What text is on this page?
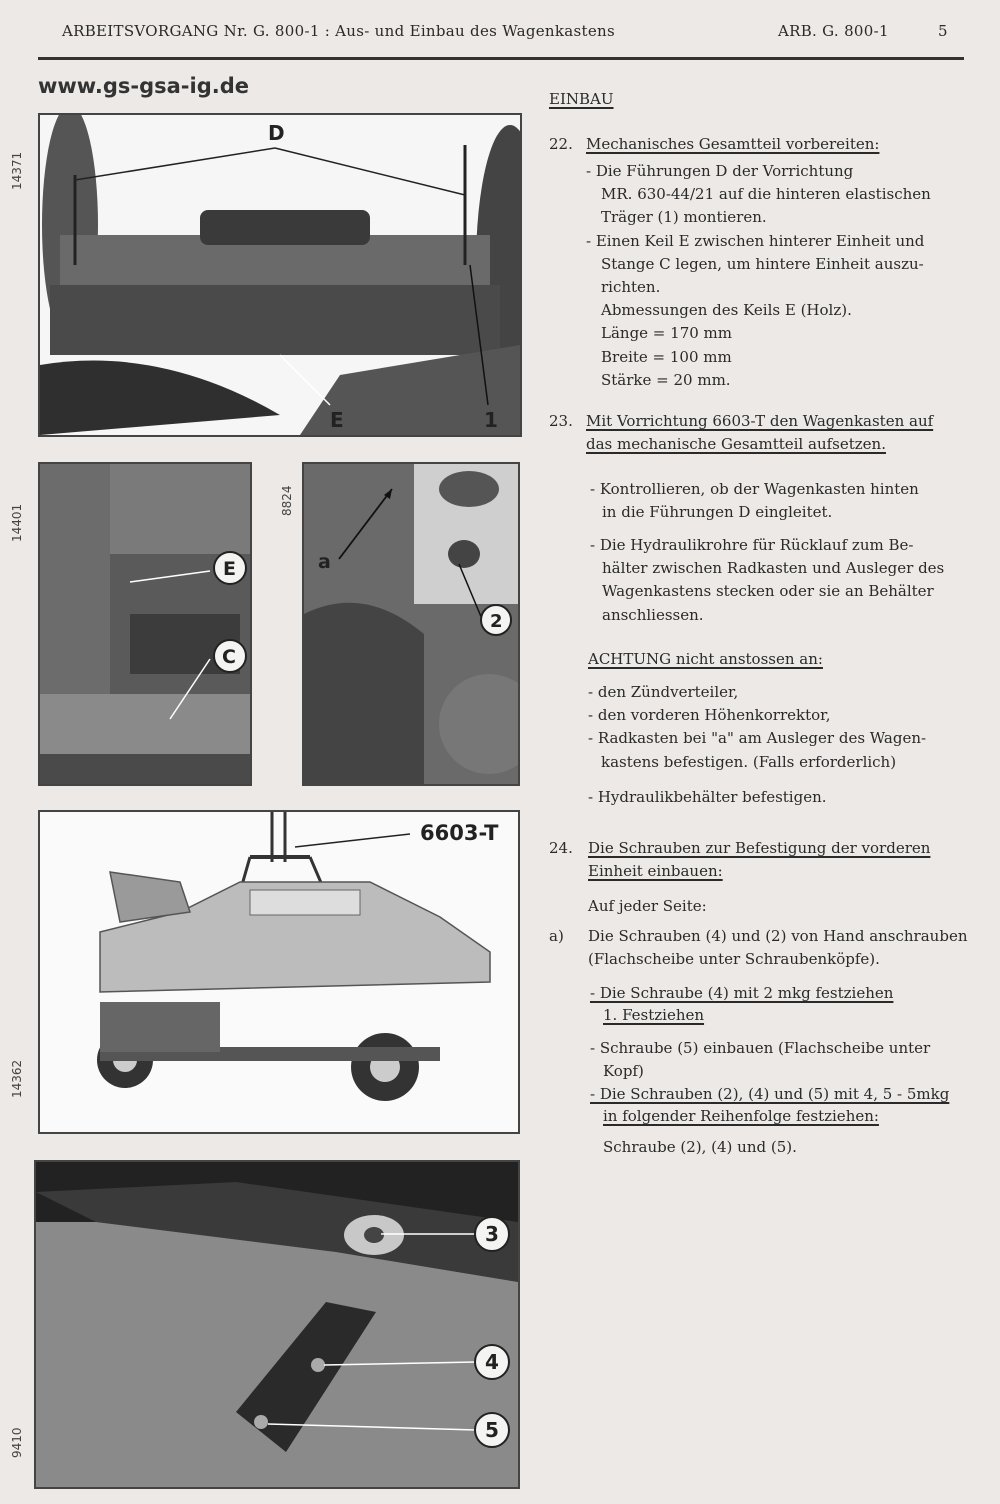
ARBEITSVORGANG Nr. G. 800-1 : Aus- und Einbau des Wagenkastens	ARB. G. 800-1	5
www.gs-gsa-ig.de
14371
14401
8824
14362
9410
D
E	1
E
C
a
2
6603-T
3
4
5
EINBAU
22. Mechanisches Gesamtteil vorbereiten:
- Die Führungen D der Vorrichtung
MR. 630-44/21 auf die hinteren elastischen
Träger (1) montieren.
- Einen Keil E zwischen hinterer Einheit und
Stange C legen, um hintere Einheit auszu-
richten.
Abmessungen des Keils E (Holz).
Länge = 170 mm
Breite = 100 mm
Stärke = 20 mm.
23. Mit Vorrichtung 6603-T den Wagenkasten auf
das mechanische Gesamtteil aufsetzen.
- Kontrollieren, ob der Wagenkasten hinten
in die Führungen D eingleitet.
- Die Hydraulikrohre für Rücklauf zum Be-
hälter zwischen Radkasten und Ausleger des
Wagenkastens stecken oder sie an Behälter
anschliessen.
ACHTUNG nicht anstossen an:
- den Zündverteiler,
- den vorderen Höhenkorrektor,
- Radkasten bei "a" am Ausleger des Wagen-
kastens befestigen. (Falls erforderlich)
- Hydraulikbehälter befestigen.
24. Die Schrauben zur Befestigung der vorderen
Einheit einbauen:
Auf jeder Seite:
a) Die Schrauben (4) und (2) von Hand anschrauben
(Flachscheibe unter Schraubenköpfe).
- Die Schraube (4) mit 2 mkg festziehen
1. Festziehen
- Schraube (5) einbauen (Flachscheibe unter
Kopf)
- Die Schrauben (2), (4) und (5) mit 4, 5 - 5mkg
in folgender Reihenfolge festziehen:
Schraube (2), (4) und (5).
